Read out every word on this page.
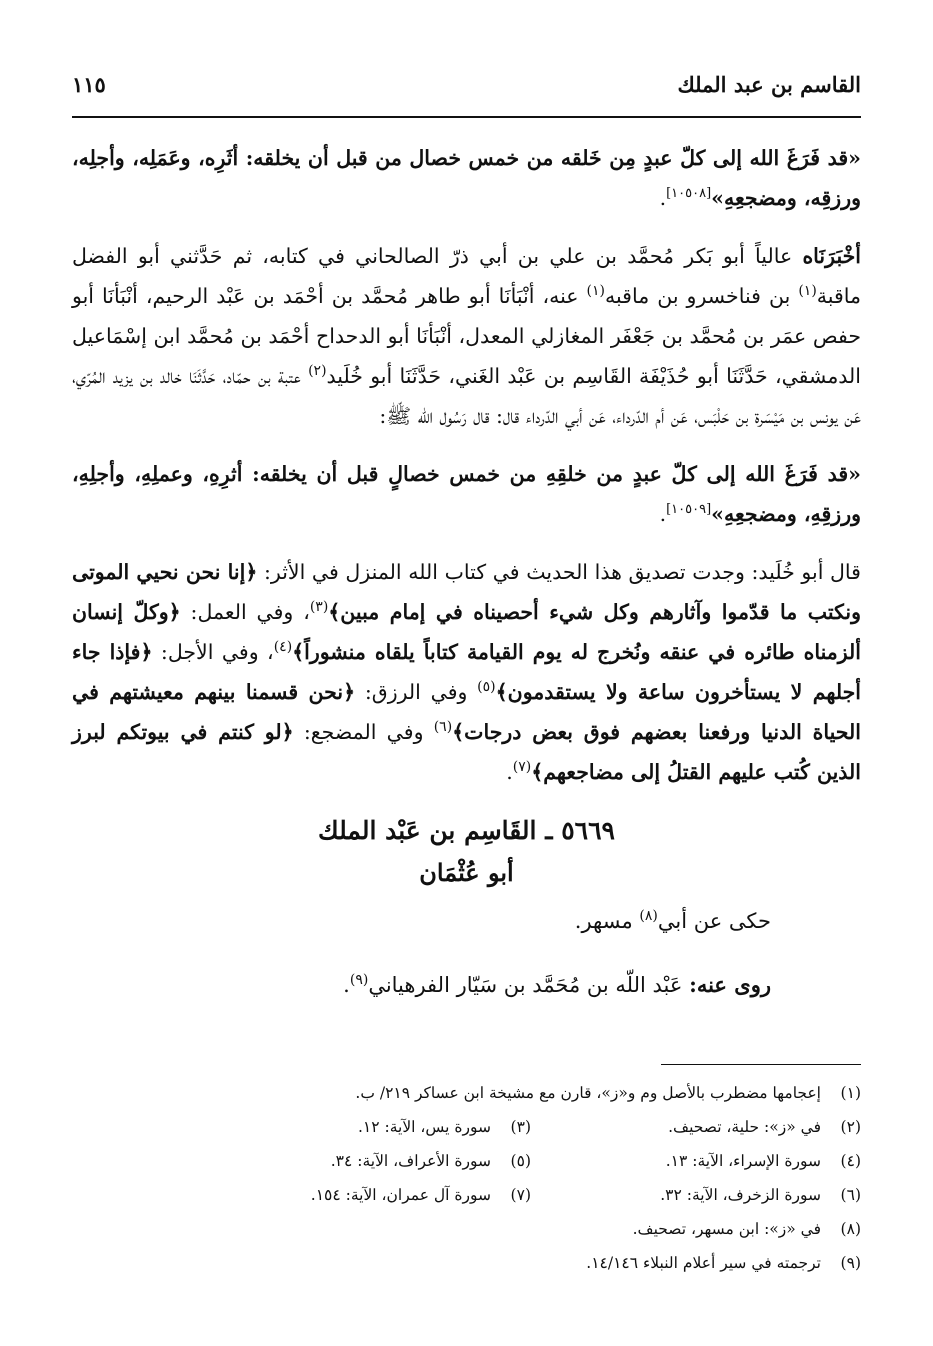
القاسم بن عبد الملك
١١٥

«قد فَرَغَ الله إلى كلّ عبدٍ مِن خَلقه من خمس خصال من قبل أن يخلقه: أثَرِه، وعَمَلِه، وأجلِه، ورزقِه، ومضجعِهِ»[١٠٥٠٨].

أخْبَرَنَاه عالياً أبو بَكر مُحمَّد بن علي بن أبي ذرّ الصالحاني في كتابه، ثم حَدَّثني أبو الفضل ماقبة$^{(١)}$ بن فناخسرو بن ماقبه$^{(١)}$ عنه، أنْبَأنَا أبو طاهر مُحمَّد بن أحْمَد بن عَبْد الرحيم، أنْبَأنَا أبو حفص عمَر بن مُحمَّد بن جَعْفَر المغازلي المعدل، أنْبَأنَا أبو الدحداح أحْمَد بن مُحمَّد ابن إسْمَاعيل الدمشقي، حَدَّثَنَا أبو حُذَيْفَة القَاسِم بن عَبْد الغَني، حَدَّثَنَا أبو خُلَيد$^{(٢)}$ عتبة بن حمّاد، حَدَّثَنَا خالد بن يزيد المُرّي، عَن يونس بن مَيْسَرة بن حَلْبَس، عَن أم الدّرداء، عَن أبي الدّرداء قال: قال رَسُول الله ﷺ:

«قد فَرَغَ الله إلى كلّ عبدٍ من خلقِهِ من خمس خصالٍ قبل أن يخلقه: أثرِهِ، وعملِهِ، وأجلِهِ، ورزقِهِ، ومضجعِهِ»[١٠٥٠٩].

قال أبو خُلَيد: وجدت تصديق هذا الحديث في كتاب الله المنزل في الأثر: ﴿إنا نحن نحيي الموتى ونكتب ما قدّموا وآثارهم وكل شيء أحصيناه في إمام مبين﴾$^{(٣)}$، وفي العمل: ﴿وكلّ إنسان ألزمناه طائره في عنقه ونُخرج له يوم القيامة كتاباً يلقاه منشوراً﴾$^{(٤)}$، وفي الأجل: ﴿فإذا جاء أجلهم لا يستأخرون ساعة ولا يستقدمون﴾$^{(٥)}$ وفي الرزق: ﴿نحن قسمنا بينهم معيشتهم في الحياة الدنيا ورفعنا بعضهم فوق بعض درجات﴾$^{(٦)}$ وفي المضجع: ﴿لو كنتم في بيوتكم لبرز الذين كُتب عليهم القتلُ إلى مضاجعهم﴾$^{(٧)}$.

٥٦٦٩ ـ القَاسِم بن عَبْد الملك
أبو عُثْمَان

حكى عن أبي$^{(٨)}$ مسهر.

روى عنه: عَبْد اللّه بن مُحَمَّد بن سَيّار الفرهياني$^{(٩)}$.

(١)
إعجامها مضطرب بالأصل وم و«ز»، قارن مع مشيخة ابن عساكر ٢١٩/ ب.
(٢)
في «ز»: حلية، تصحيف.
(٣)
سورة يس، الآية: ١٢.
(٤)
سورة الإسراء، الآية: ١٣.
(٥)
سورة الأعراف، الآية: ٣٤.
(٦)
سورة الزخرف، الآية: ٣٢.
(٧)
سورة آل عمران، الآية: ١٥٤.
(٨)
في «ز»: ابن مسهر، تصحيف.
(٩)
ترجمته في سير أعلام النبلاء ١٤/١٤٦.
